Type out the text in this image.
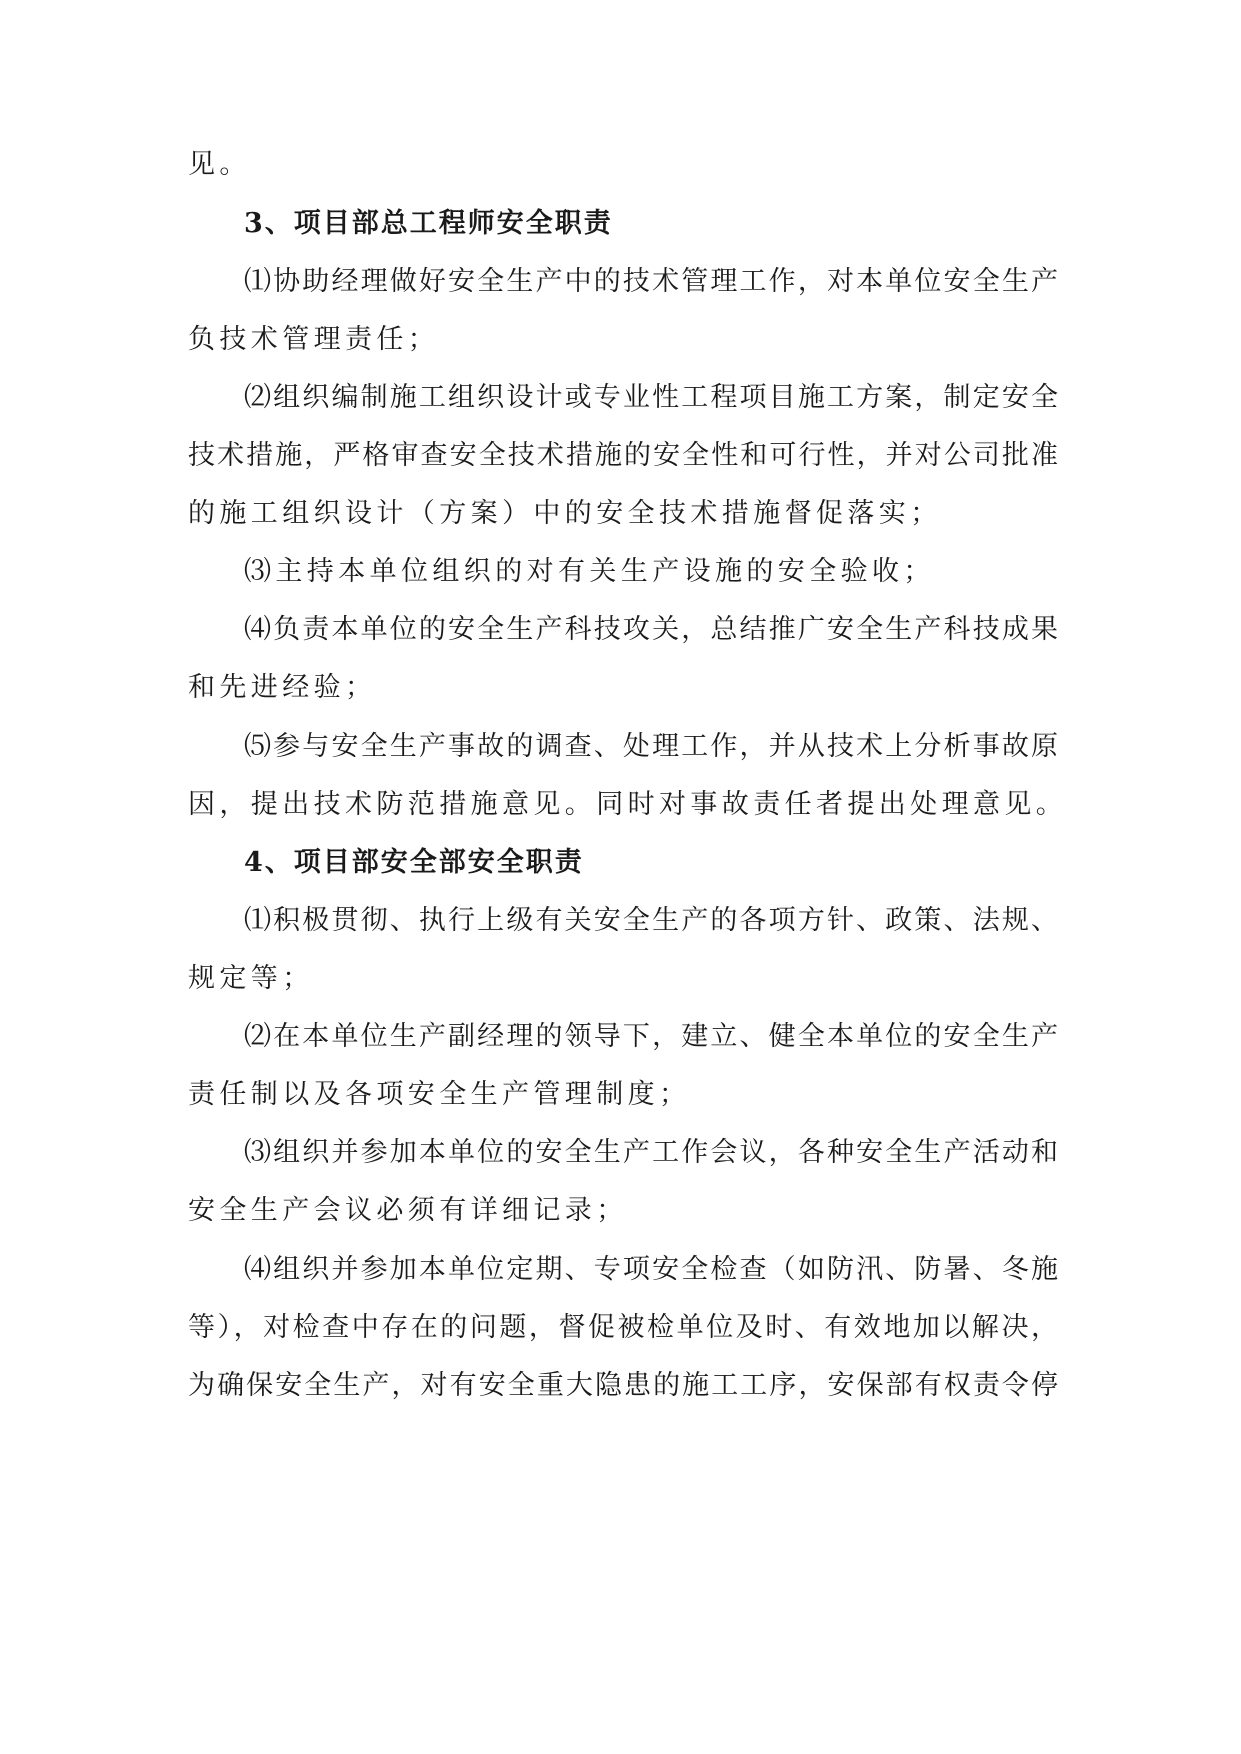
见。
3、项目部总工程师安全职责
⑴协助经理做好安全生产中的技术管理工作，对本单位安全生产
负技术管理责任；
⑵组织编制施工组织设计或专业性工程项目施工方案，制定安全
技术措施，严格审查安全技术措施的安全性和可行性，并对公司批准
的施工组织设计（方案）中的安全技术措施督促落实；
⑶主持本单位组织的对有关生产设施的安全验收；
⑷负责本单位的安全生产科技攻关，总结推广安全生产科技成果
和先进经验；
⑸参与安全生产事故的调查、处理工作，并从技术上分析事故原
因，提出技术防范措施意见。同时对事故责任者提出处理意见。
4、项目部安全部安全职责
⑴积极贯彻、执行上级有关安全生产的各项方针、政策、法规、
规定等；
⑵在本单位生产副经理的领导下，建立、健全本单位的安全生产
责任制以及各项安全生产管理制度；
⑶组织并参加本单位的安全生产工作会议，各种安全生产活动和
安全生产会议必须有详细记录；
⑷组织并参加本单位定期、专项安全检查（如防汛、防暑、冬施
等），对检查中存在的问题，督促被检单位及时、有效地加以解决，
为确保安全生产，对有安全重大隐患的施工工序，安保部有权责令停
